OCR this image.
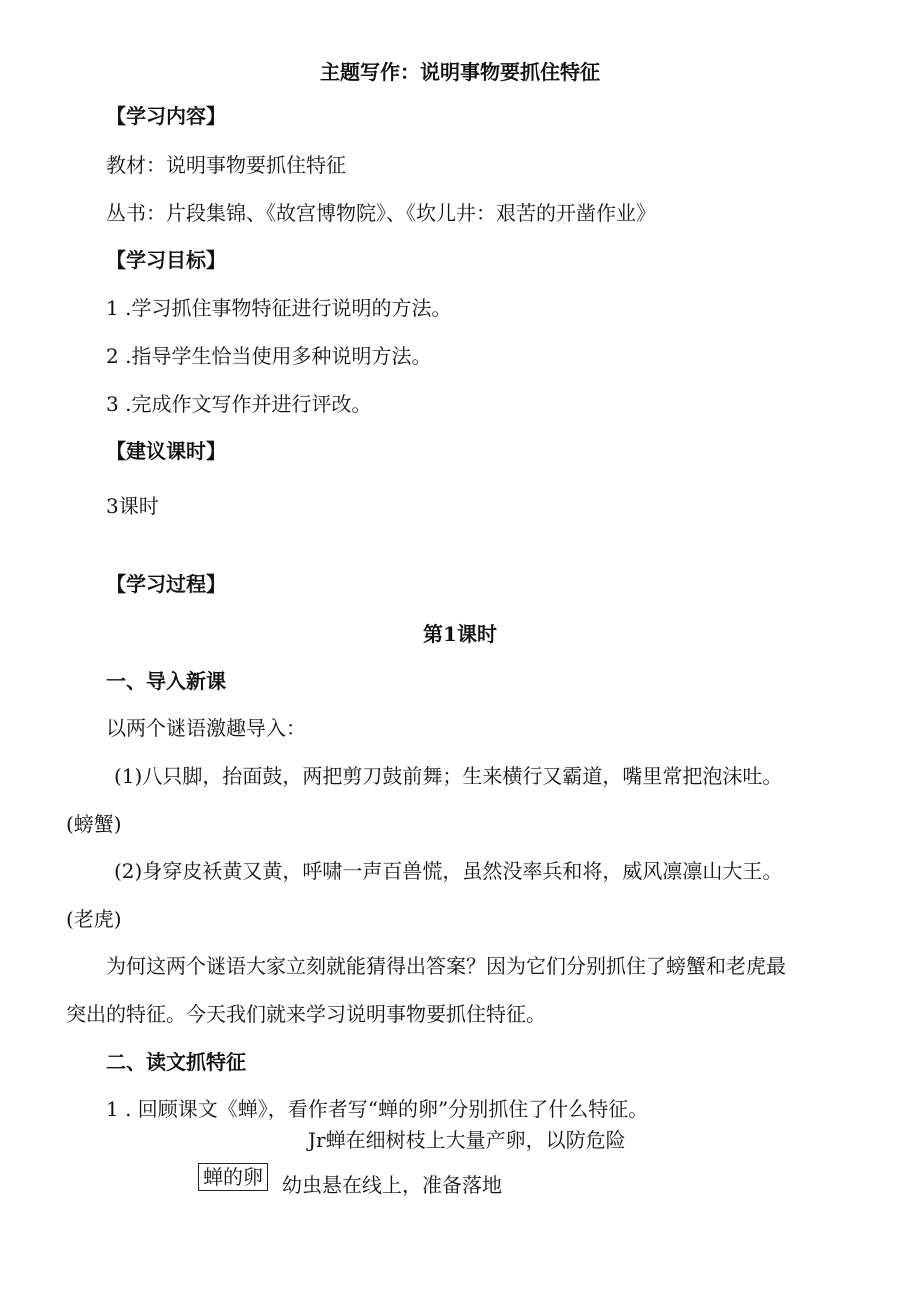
主题写作：说明事物要抓住特征
【学习内容】
教材：说明事物要抓住特征
丛书：片段集锦、《故宫博物院》、《坎儿井：艰苦的开凿作业》
【学习目标】
1 .学习抓住事物特征进行说明的方法。
2 .指导学生恰当使用多种说明方法。
3 .完成作文写作并进行评改。
【建议课时】
3课时
【学习过程】
第1课时
一、导入新课
以两个谜语激趣导入：
(1)八只脚，抬面鼓，两把剪刀鼓前舞；生来横行又霸道，嘴里常把泡沫吐。
(螃蟹)
(2)身穿皮袄黄又黄，呼啸一声百兽慌，虽然没率兵和将，威风凛凛山大王。
(老虎)
为何这两个谜语大家立刻就能猜得出答案？因为它们分别抓住了螃蟹和老虎最
突出的特征。今天我们就来学习说明事物要抓住特征。
二、读文抓特征
1 . 回顾课文《蝉》，看作者写“蝉的卵”分别抓住了什么特征。
Jr蝉在细树枝上大量产卵，以防危险
蝉的卵 幼虫悬在线上，准备落地
